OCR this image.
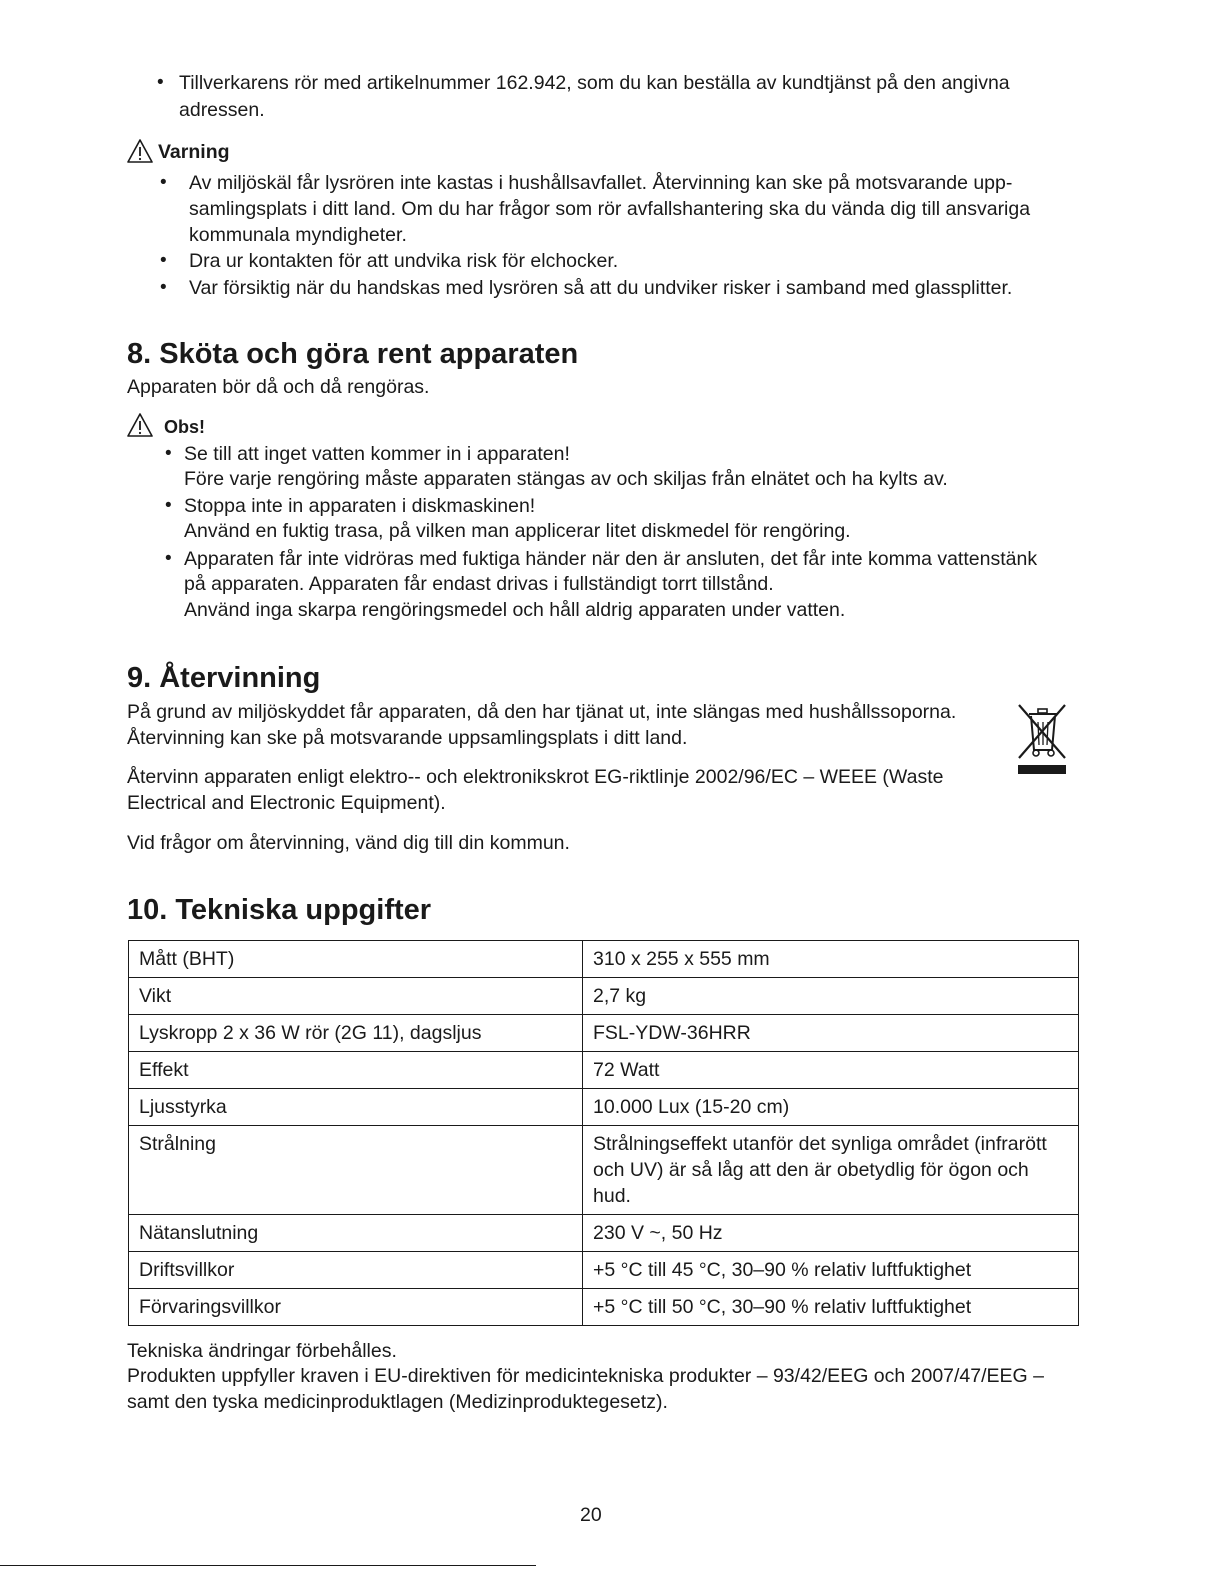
• Tillverkarens rör med artikelnummer 162.942, som du kan beställa av kundtjänst på den angivna
adressen.
Varning
• Av miljöskäl får lysrören inte kastas i hushållsavfallet. Återvinning kan ske på motsvarande upp-
samlingsplats i ditt land. Om du har frågor som rör avfallshantering ska du vända dig till ansvariga
kommunala myndigheter.
• Dra ur kontakten för att undvika risk för elchocker.
• Var försiktig när du handskas med lysrören så att du undviker risker i samband med glassplitter.
8. Sköta och göra rent apparaten
Apparaten bör då och då rengöras.
Obs!
• Se till att inget vatten kommer in i apparaten!
Före varje rengöring måste apparaten stängas av och skiljas från elnätet och ha kylts av.
• Stoppa inte in apparaten i diskmaskinen!
Använd en fuktig trasa, på vilken man applicerar litet diskmedel för rengöring.
• Apparaten får inte vidröras med fuktiga händer när den är ansluten, det får inte komma vattenstänk
på apparaten. Apparaten får endast drivas i fullständigt torrt tillstånd.
Använd inga skarpa rengöringsmedel och håll aldrig apparaten under vatten.
9. Återvinning
På grund av miljöskyddet får apparaten, då den har tjänat ut, inte slängas med hushållssoporna.
Återvinning kan ske på motsvarande uppsamlingsplats i ditt land.
Återvinn apparaten enligt elektro-- och elektronikskrot EG-riktlinje 2002/96/EC – WEEE (Waste
Electrical and Electronic Equipment).
Vid frågor om återvinning, vänd dig till din kommun.
10. Tekniska uppgifter
Mått (BHT)	310 x 255 x 555 mm

Vikt	2,7 kg

Lyskropp 2 x 36 W rör (2G 11), dagsljus	FSL-YDW-36HRR

Effekt	72 Watt

Ljusstyrka	10.000 Lux (15-20 cm)

Strålning	Strålningseffekt utanför det synliga området (infrarött
och UV) är så låg att den är obetydlig för ögon och
hud.

Nätanslutning	230 V ~, 50 Hz

Driftsvillkor	+5 °C till 45 °C, 30–90 % relativ luftfuktighet

Förvaringsvillkor	+5 °C till 50 °C, 30–90 % relativ luftfuktighet
Tekniska ändringar förbehålles.
Produkten uppfyller kraven i EU-direktiven för medicintekniska produkter – 93/42/EEG och 2007/47/EEG –
samt den tyska medicinproduktlagen (Medizinproduktegesetz).
20
